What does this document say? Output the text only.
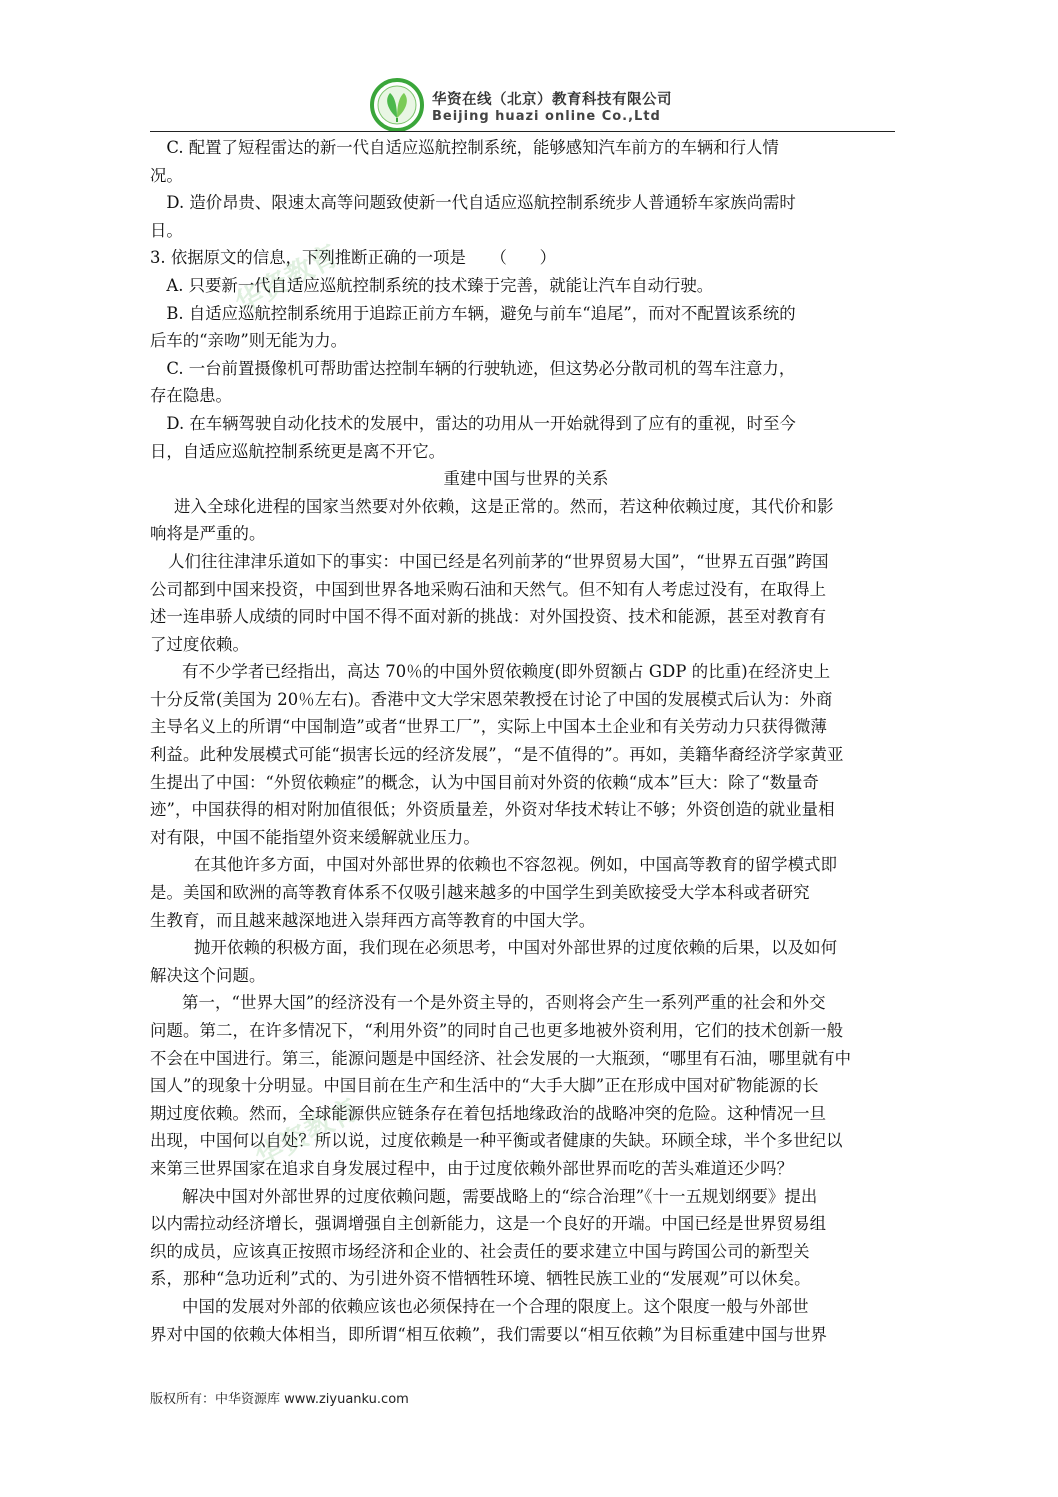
华资在线（北京）教育科技有限公司
Beijing huazi online Co.,Ltd
华资教育
华资教育
　C. 配置了短程雷达的新一代自适应巡航控制系统，能够感知汽车前方的车辆和行人情
况。
　D. 造价昂贵、限速太高等问题致使新一代自适应巡航控制系统步人普通轿车家族尚需时
日。
3. 依据原文的信息，下列推断正确的一项是　　（　　）
　A. 只要新一代自适应巡航控制系统的技术臻于完善，就能让汽车自动行驶。
　B. 自适应巡航控制系统用于追踪正前方车辆，避免与前车“追尾”，而对不配置该系统的
后车的“亲吻”则无能为力。
　C. 一台前置摄像机可帮助雷达控制车辆的行驶轨迹，但这势必分散司机的驾车注意力，
存在隐患。
　D. 在车辆驾驶自动化技术的发展中，雷达的功用从一开始就得到了应有的重视，时至今
日，自适应巡航控制系统更是离不开它。
重建中国与世界的关系
进入全球化进程的国家当然要对外依赖，这是正常的。然而，若这种依赖过度，其代价和影
响将是严重的。
人们往往津津乐道如下的事实：中国已经是名列前茅的“世界贸易大国”，“世界五百强”跨国
公司都到中国来投资，中国到世界各地采购石油和天然气。但不知有人考虑过没有，在取得上
述一连串骄人成绩的同时中国不得不面对新的挑战：对外国投资、技术和能源，甚至对教育有
了过度依赖。
有不少学者已经指出，高达 70％的中国外贸依赖度(即外贸额占 GDP 的比重)在经济史上
十分反常(美国为 20％左右)。香港中文大学宋恩荣教授在讨论了中国的发展模式后认为：外商
主导名义上的所谓“中国制造”或者“世界工厂”，实际上中国本土企业和有关劳动力只获得微薄
利益。此种发展模式可能“损害长远的经济发展”，“是不值得的”。再如，美籍华裔经济学家黄亚
生提出了中国：“外贸依赖症”的概念，认为中国目前对外资的依赖“成本”巨大：除了“数量奇
迹”，中国获得的相对附加值很低；外资质量差，外资对华技术转让不够；外资创造的就业量相
对有限，中国不能指望外资来缓解就业压力。
在其他许多方面，中国对外部世界的依赖也不容忽视。例如，中国高等教育的留学模式即
是。美国和欧洲的高等教育体系不仅吸引越来越多的中国学生到美欧接受大学本科或者研究
生教育，而且越来越深地进入崇拜西方高等教育的中国大学。
抛开依赖的积极方面，我们现在必须思考，中国对外部世界的过度依赖的后果，以及如何
解决这个问题。
第一，“世界大国”的经济没有一个是外资主导的，否则将会产生一系列严重的社会和外交
问题。第二，在许多情况下，“利用外资”的同时自己也更多地被外资利用，它们的技术创新一般
不会在中国进行。第三，能源问题是中国经济、社会发展的一大瓶颈，“哪里有石油，哪里就有中
国人”的现象十分明显。中国目前在生产和生活中的“大手大脚”正在形成中国对矿物能源的长
期过度依赖。然而，全球能源供应链条存在着包括地缘政治的战略冲突的危险。这种情况一旦
出现，中国何以自处？所以说，过度依赖是一种平衡或者健康的失缺。环顾全球，半个多世纪以
来第三世界国家在追求自身发展过程中，由于过度依赖外部世界而吃的苦头难道还少吗？
解决中国对外部世界的过度依赖问题，需要战略上的“综合治理”《十一五规划纲要》提出
以内需拉动经济增长，强调增强自主创新能力，这是一个良好的开端。中国已经是世界贸易组
织的成员，应该真正按照市场经济和企业的、社会责任的要求建立中国与跨国公司的新型关
系，那种“急功近利”式的、为引进外资不惜牺牲环境、牺牲民族工业的“发展观”可以休矣。
中国的发展对外部的依赖应该也必须保持在一个合理的限度上。这个限度一般与外部世
界对中国的依赖大体相当，即所谓“相互依赖”，我们需要以“相互依赖”为目标重建中国与世界
版权所有：中华资源库 www.ziyuanku.com
